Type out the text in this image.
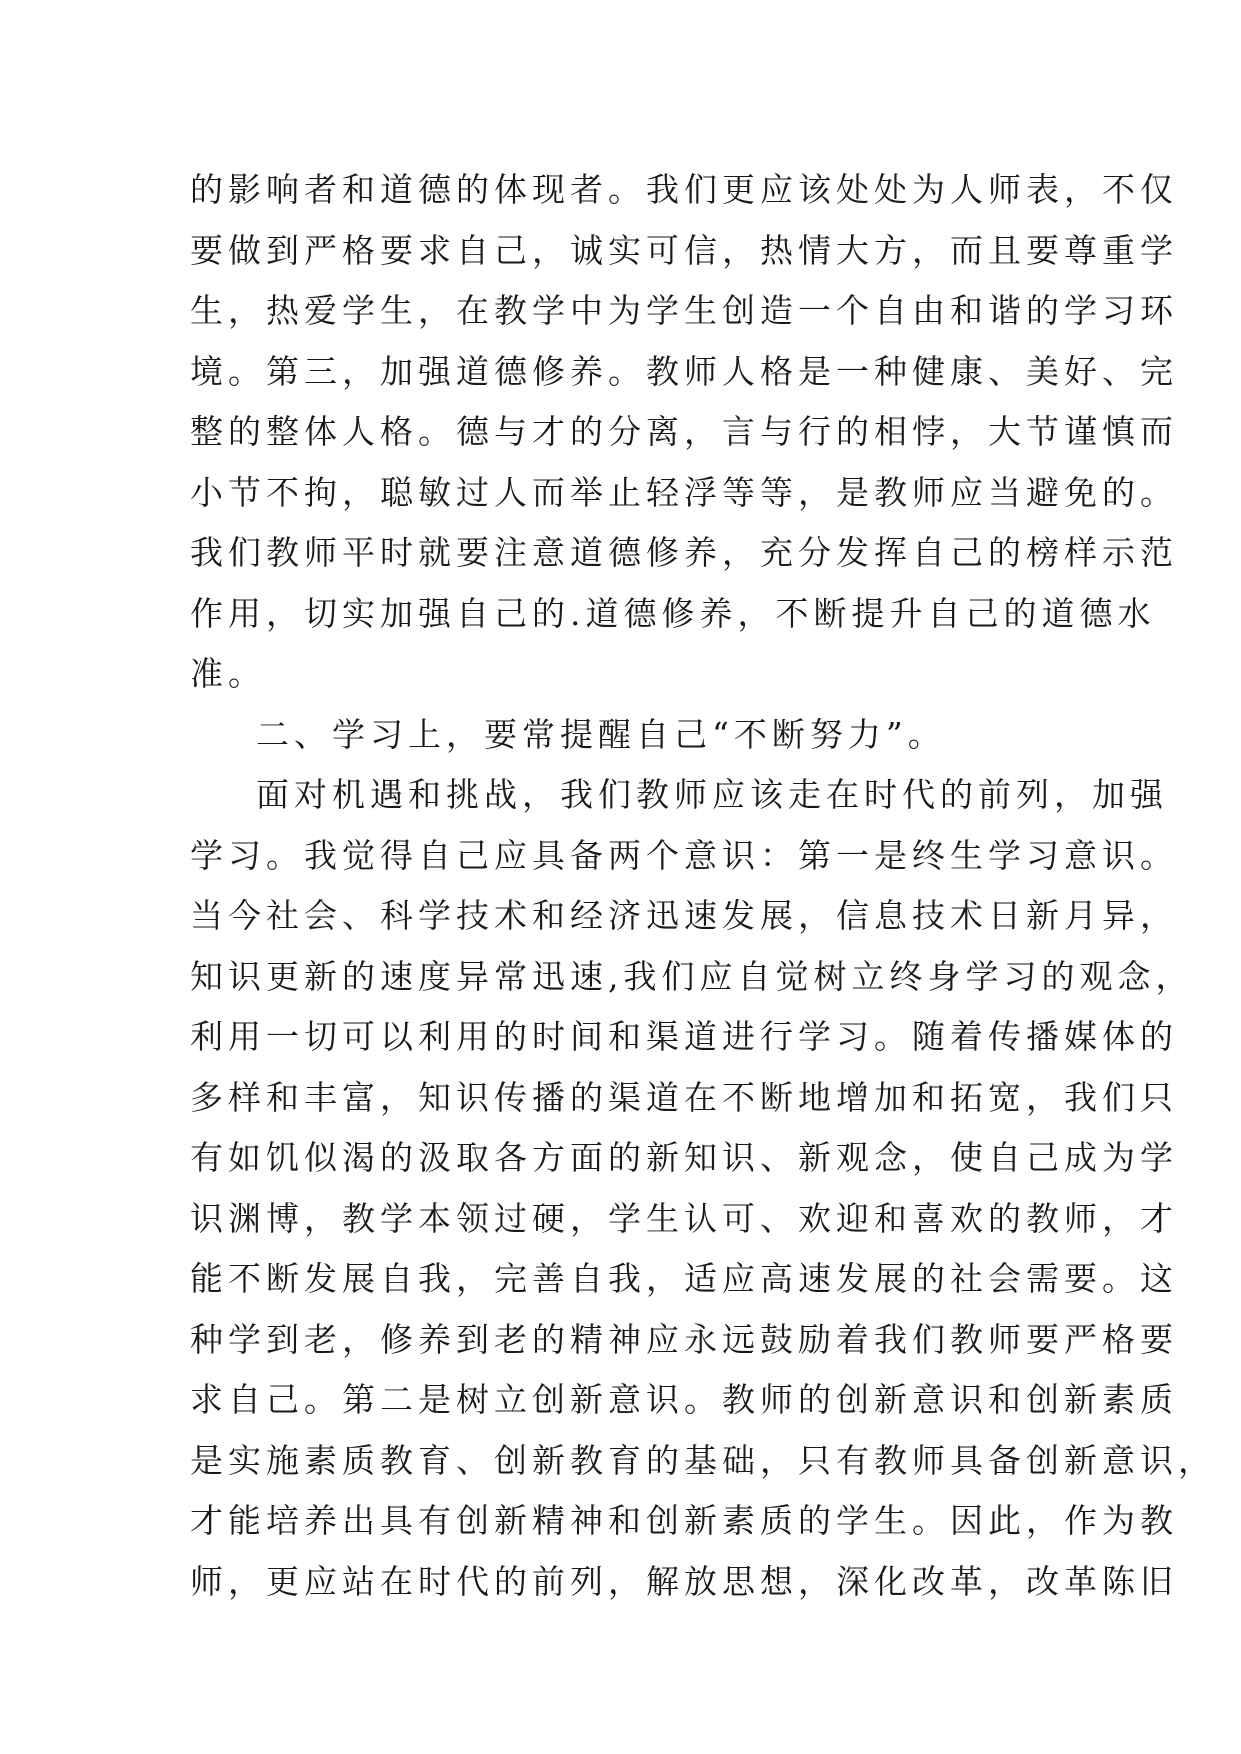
的影响者和道德的体现者。我们更应该处处为人师表，不仅
要做到严格要求自己，诚实可信，热情大方，而且要尊重学
生，热爱学生，在教学中为学生创造一个自由和谐的学习环
境。第三，加强道德修养。教师人格是一种健康、美好、完
整的整体人格。德与才的分离，言与行的相悖，大节谨慎而
小节不拘，聪敏过人而举止轻浮等等，是教师应当避免的。
我们教师平时就要注意道德修养，充分发挥自己的榜样示范
作用，切实加强自己的.道德修养，不断提升自己的道德水
准。
二、学习上，要常提醒自己“不断努力”。
面对机遇和挑战，我们教师应该走在时代的前列，加强
学习。我觉得自己应具备两个意识：第一是终生学习意识。
当今社会、科学技术和经济迅速发展，信息技术日新月异，
知识更新的速度异常迅速,我们应自觉树立终身学习的观念，
利用一切可以利用的时间和渠道进行学习。随着传播媒体的
多样和丰富，知识传播的渠道在不断地增加和拓宽，我们只
有如饥似渴的汲取各方面的新知识、新观念，使自己成为学
识渊博，教学本领过硬，学生认可、欢迎和喜欢的教师，才
能不断发展自我，完善自我，适应高速发展的社会需要。这
种学到老，修养到老的精神应永远鼓励着我们教师要严格要
求自己。第二是树立创新意识。教师的创新意识和创新素质
是实施素质教育、创新教育的基础，只有教师具备创新意识，
才能培养出具有创新精神和创新素质的学生。因此，作为教
师，更应站在时代的前列，解放思想，深化改革，改革陈旧
